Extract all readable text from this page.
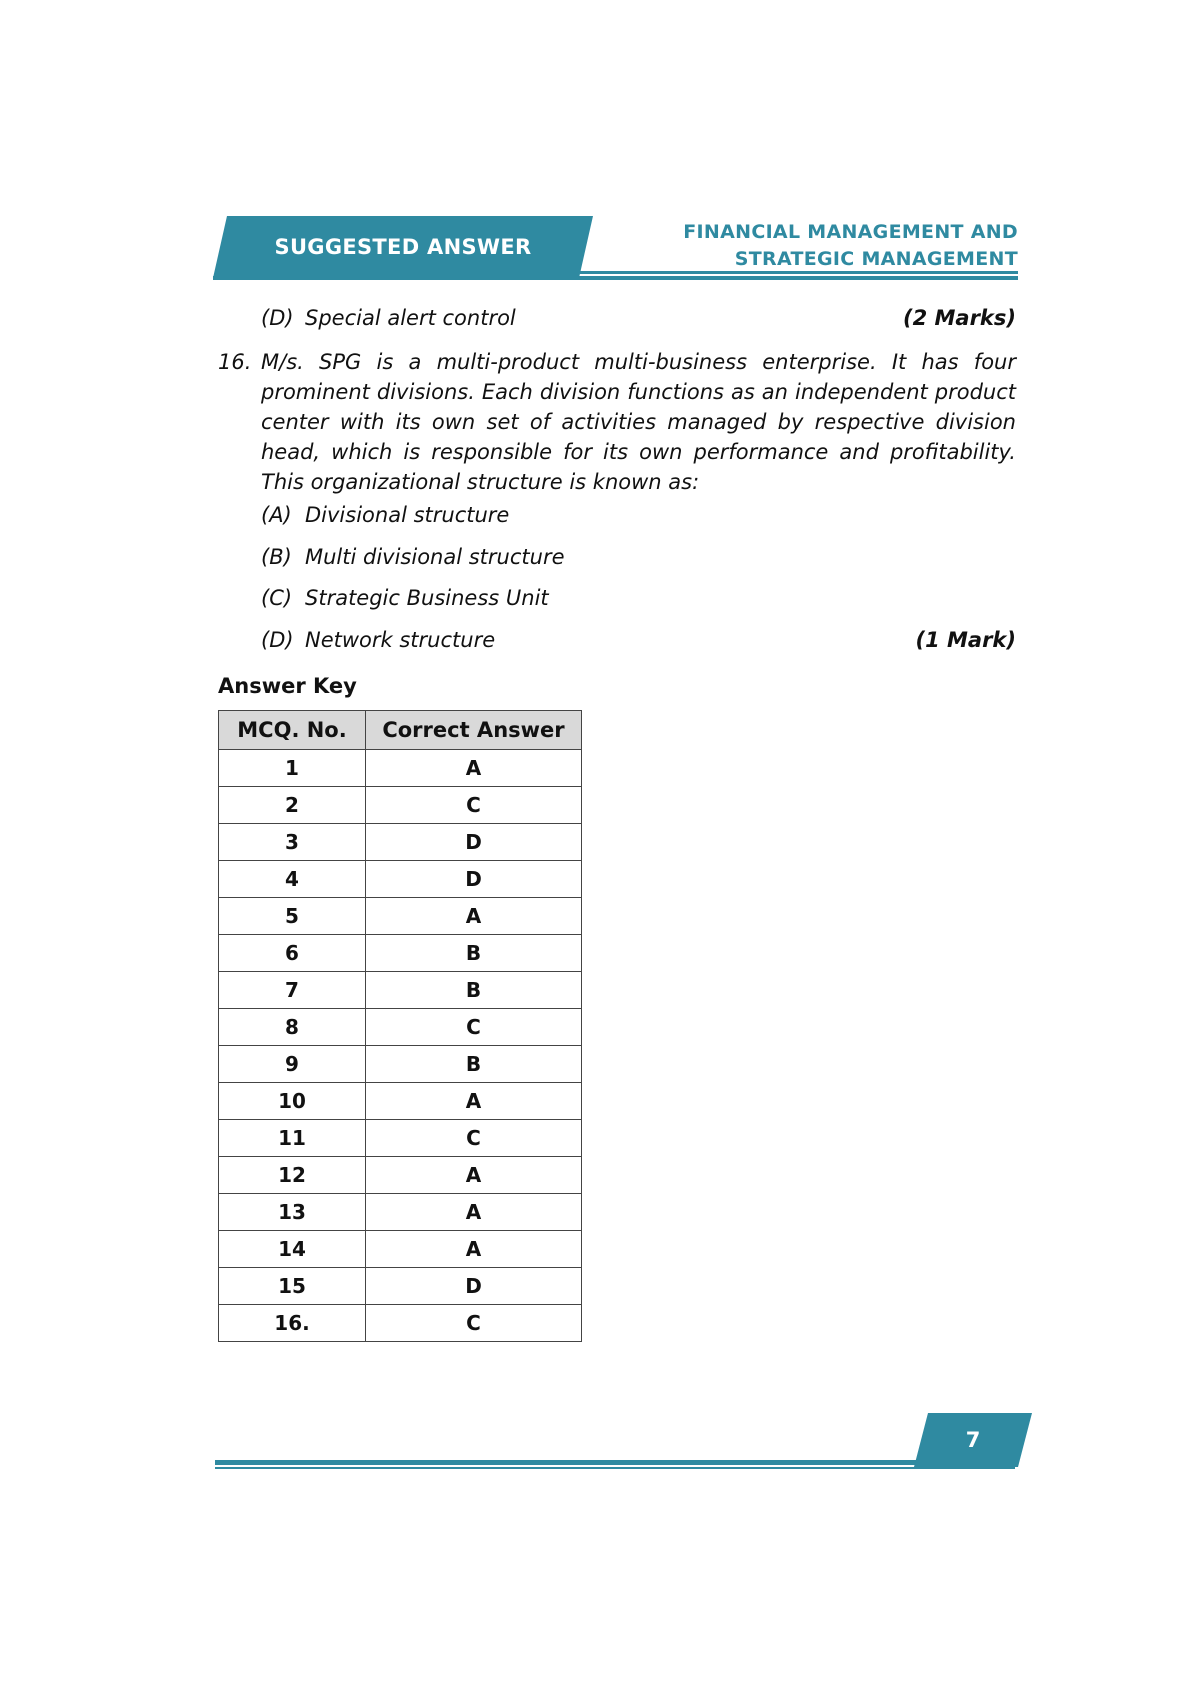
SUGGESTED ANSWER
FINANCIAL MANAGEMENT AND
STRATEGIC MANAGEMENT
(D) Special alert control	(2 Marks)
16. M/s. SPG is a multi-product multi-business enterprise. It has four prominent divisions. Each division functions as an independent product center with its own set of activities managed by respective division head, which is responsible for its own performance and profitability. This organizational structure is known as:

(A) Divisional structure
(B) Multi divisional structure
(C) Strategic Business Unit
(D) Network structure	(1 Mark)
Answer Key
MCQ. No.	Correct Answer
1	A
2	C
3	D
4	D
5	A
6	B
7	B
8	C
9	B
10	A
11	C
12	A
13	A
14	A
15	D
16.	C
7
